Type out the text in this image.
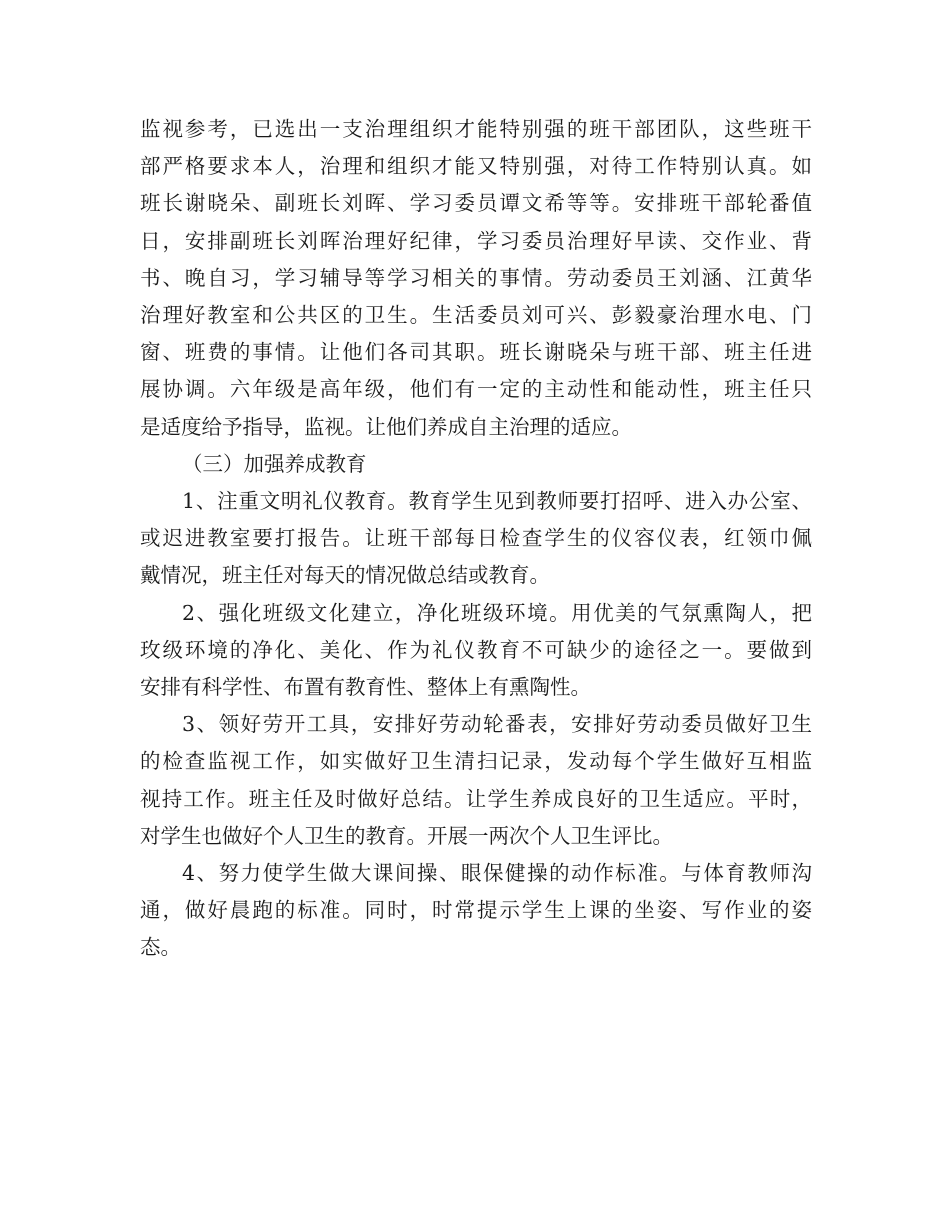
监视参考，已选出一支治理组织才能特别强的班干部团队，这些班干
部严格要求本人，治理和组织才能又特别强，对待工作特别认真。如
班长谢晓朵、副班长刘晖、学习委员谭文希等等。安排班干部轮番值
日，安排副班长刘晖治理好纪律，学习委员治理好早读、交作业、背
书、晚自习，学习辅导等学习相关的事情。劳动委员王刘涵、江黄华
治理好教室和公共区的卫生。生活委员刘可兴、彭毅豪治理水电、门
窗、班费的事情。让他们各司其职。班长谢晓朵与班干部、班主任进
展协调。六年级是高年级，他们有一定的主动性和能动性，班主任只
是适度给予指导，监视。让他们养成自主治理的适应。
（三）加强养成教育
1、注重文明礼仪教育。教育学生见到教师要打招呼、进入办公室、
或迟进教室要打报告。让班干部每日检查学生的仪容仪表，红领巾佩
戴情况，班主任对每天的情况做总结或教育。
2、强化班级文化建立，净化班级环境。用优美的气氛熏陶人，把
玫级环境的净化、美化、作为礼仪教育不可缺少的途径之一。要做到
安排有科学性、布置有教育性、整体上有熏陶性。
3、领好劳开工具，安排好劳动轮番表，安排好劳动委员做好卫生
的检查监视工作，如实做好卫生清扫记录，发动每个学生做好互相监
视持工作。班主任及时做好总结。让学生养成良好的卫生适应。平时，
对学生也做好个人卫生的教育。开展一两次个人卫生评比。
4、努力使学生做大课间操、眼保健操的动作标准。与体育教师沟
通，做好晨跑的标准。同时，时常提示学生上课的坐姿、写作业的姿
态。
